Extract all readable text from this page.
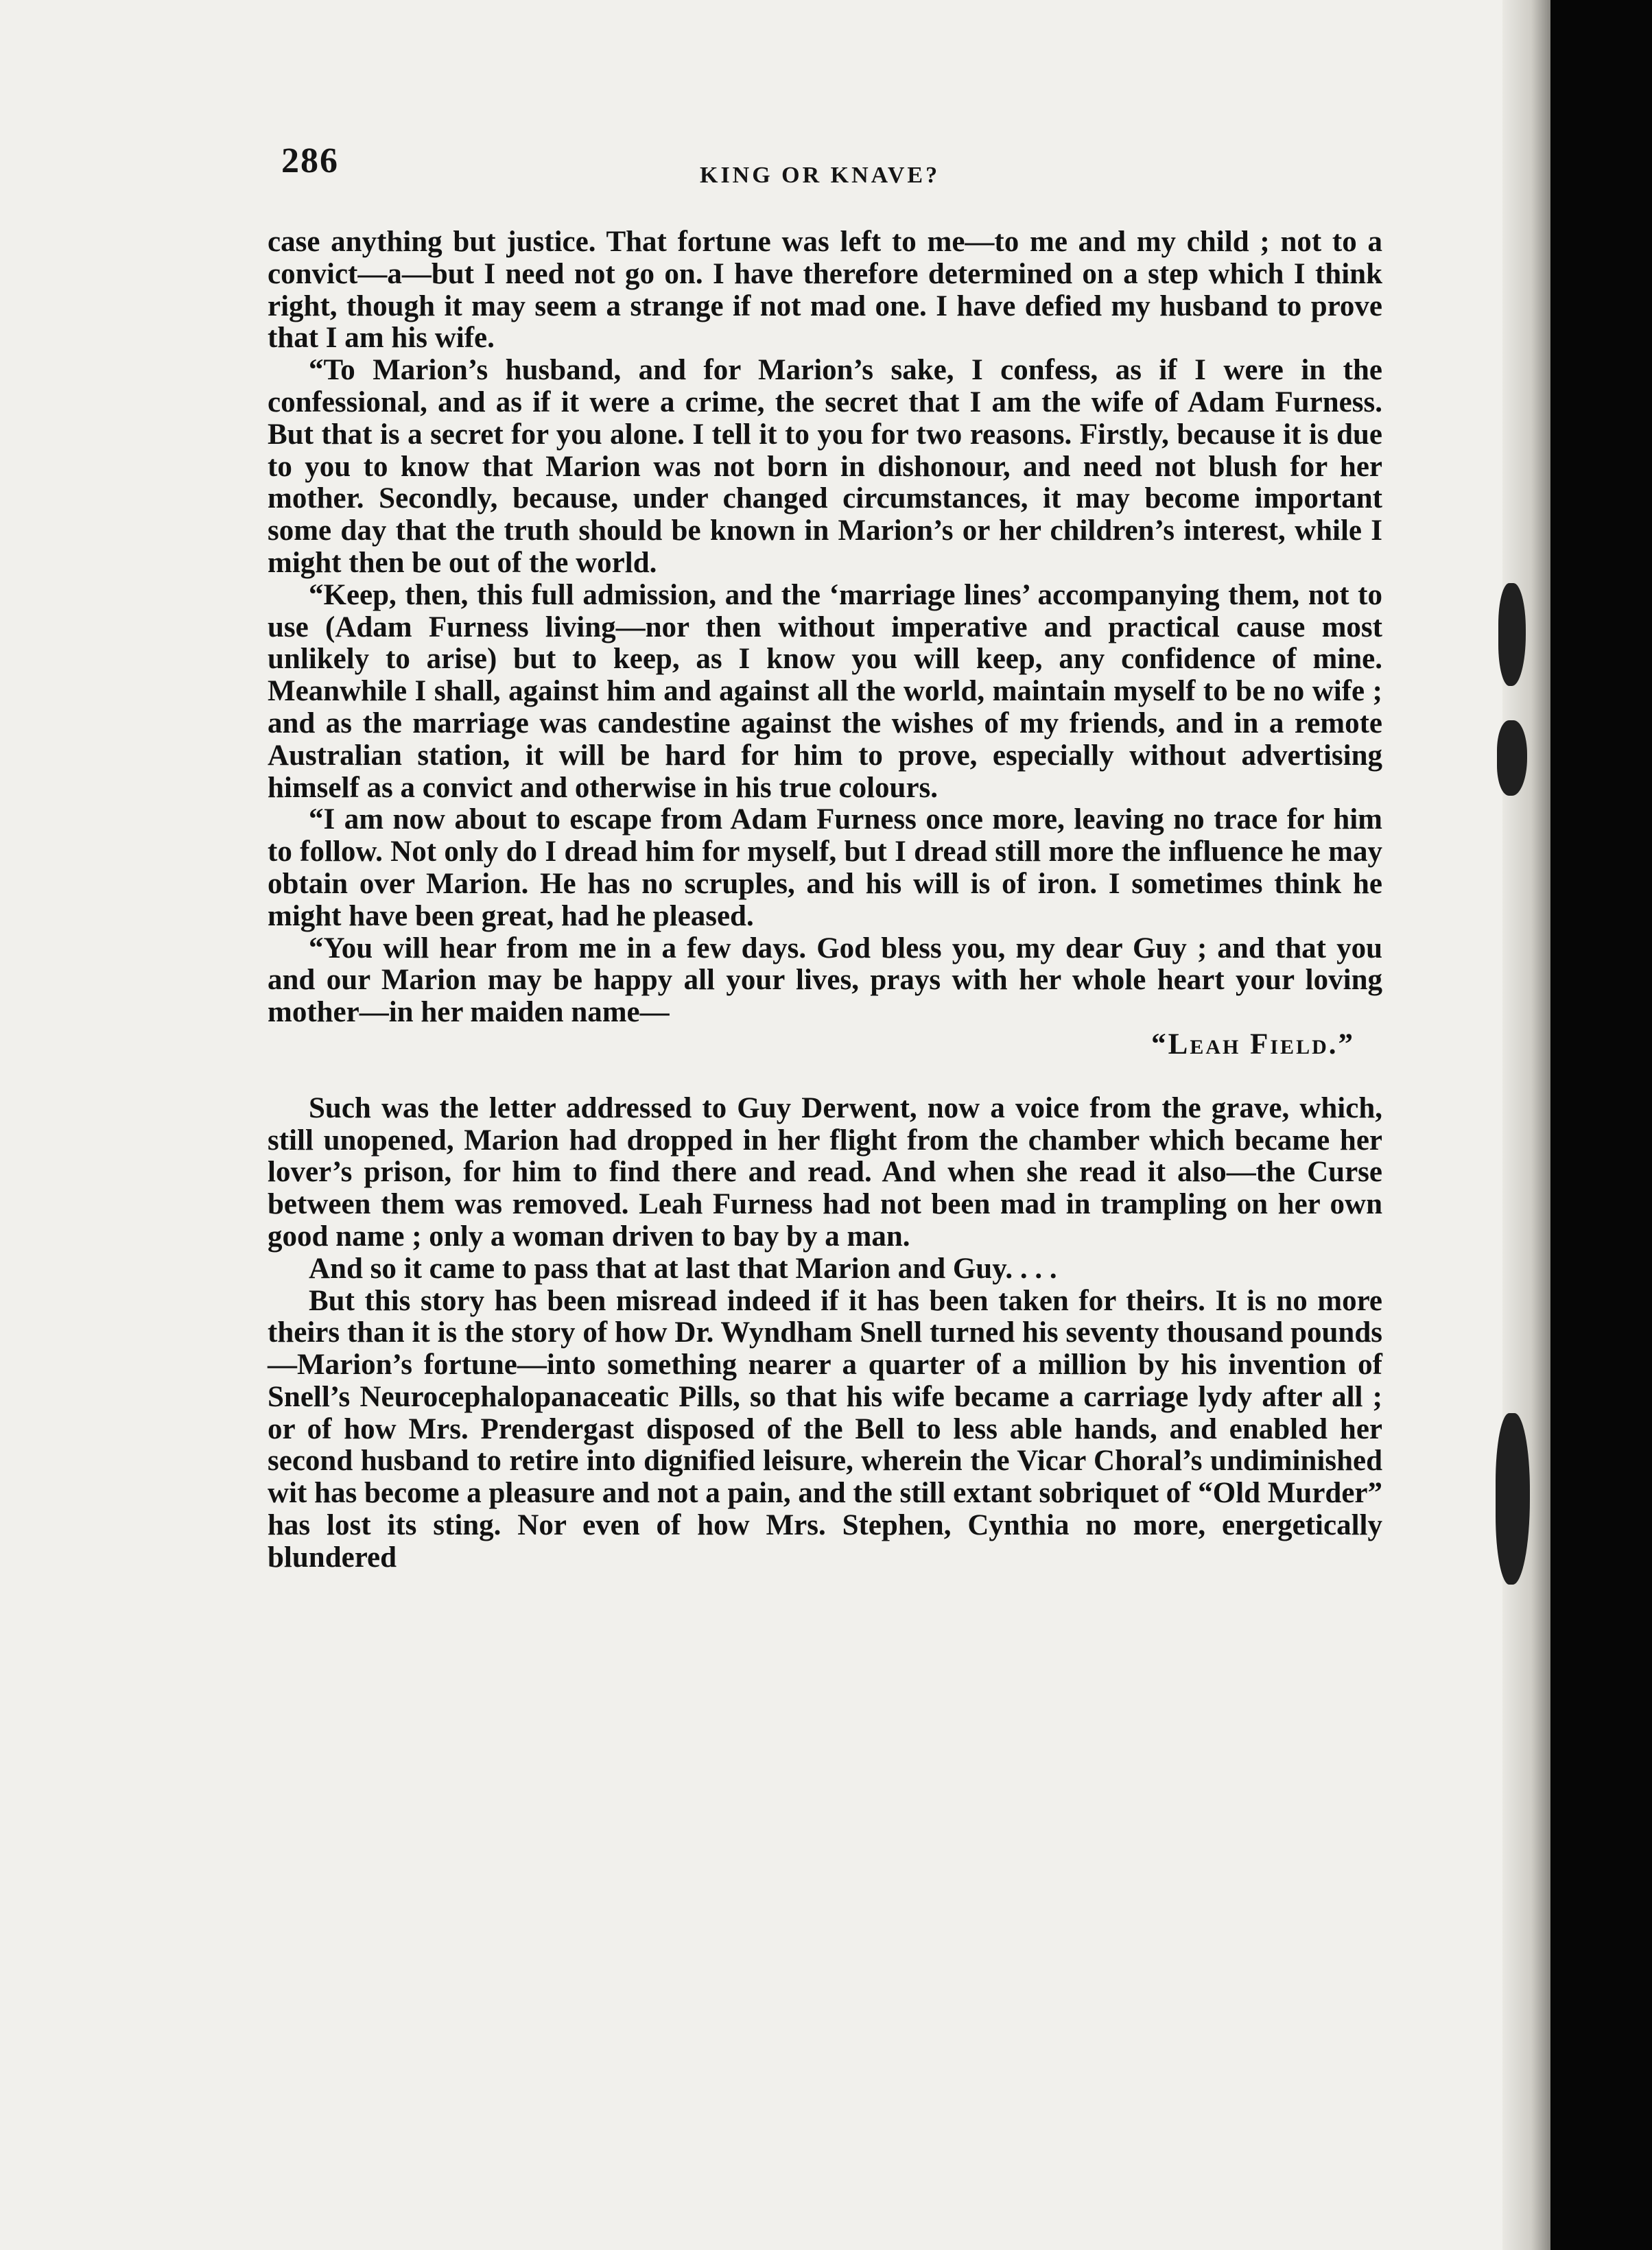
286	KING OR KNAVE?

case anything but justice. That fortune was left to me—to me and my child ; not to a convict—a—but I need not go on. I have therefore determined on a step which I think right, though it may seem a strange if not mad one. I have defied my husband to prove that I am his wife.

“To Marion’s husband, and for Marion’s sake, I confess, as if I were in the confessional, and as if it were a crime, the secret that I am the wife of Adam Furness. But that is a secret for you alone. I tell it to you for two reasons. Firstly, because it is due to you to know that Marion was not born in dishonour, and need not blush for her mother. Secondly, because, under changed circumstances, it may become important some day that the truth should be known in Marion’s or her children’s interest, while I might then be out of the world.

“Keep, then, this full admission, and the ‘marriage lines’ accompanying them, not to use (Adam Furness living—nor then without imperative and practical cause most unlikely to arise) but to keep, as I know you will keep, any confidence of mine. Meanwhile I shall, against him and against all the world, maintain myself to be no wife ; and as the marriage was candestine against the wishes of my friends, and in a remote Australian station, it will be hard for him to prove, especially without advertising himself as a convict and otherwise in his true colours.

“I am now about to escape from Adam Furness once more, leaving no trace for him to follow. Not only do I dread him for myself, but I dread still more the influence he may obtain over Marion. He has no scruples, and his will is of iron. I sometimes think he might have been great, had he pleased.

“You will hear from me in a few days. God bless you, my dear Guy ; and that you and our Marion may be happy all your lives, prays with her whole heart your loving mother—in her maiden name—

“Leah Field.”

Such was the letter addressed to Guy Derwent, now a voice from the grave, which, still unopened, Marion had dropped in her flight from the chamber which became her lover’s prison, for him to find there and read. And when she read it also—the Curse between them was removed. Leah Furness had not been mad in trampling on her own good name ; only a woman driven to bay by a man.

And so it came to pass that at last that Marion and Guy. . . .

But this story has been misread indeed if it has been taken for theirs. It is no more theirs than it is the story of how Dr. Wyndham Snell turned his seventy thousand pounds—Marion’s fortune—into something nearer a quarter of a million by his invention of Snell’s Neurocephalopanaceatic Pills, so that his wife became a carriage lydy after all ; or of how Mrs. Prendergast disposed of the Bell to less able hands, and enabled her second husband to retire into dignified leisure, wherein the Vicar Choral’s undiminished wit has become a pleasure and not a pain, and the still extant sobriquet of “Old Murder” has lost its sting. Nor even of how Mrs. Stephen, Cynthia no more, energetically blundered
